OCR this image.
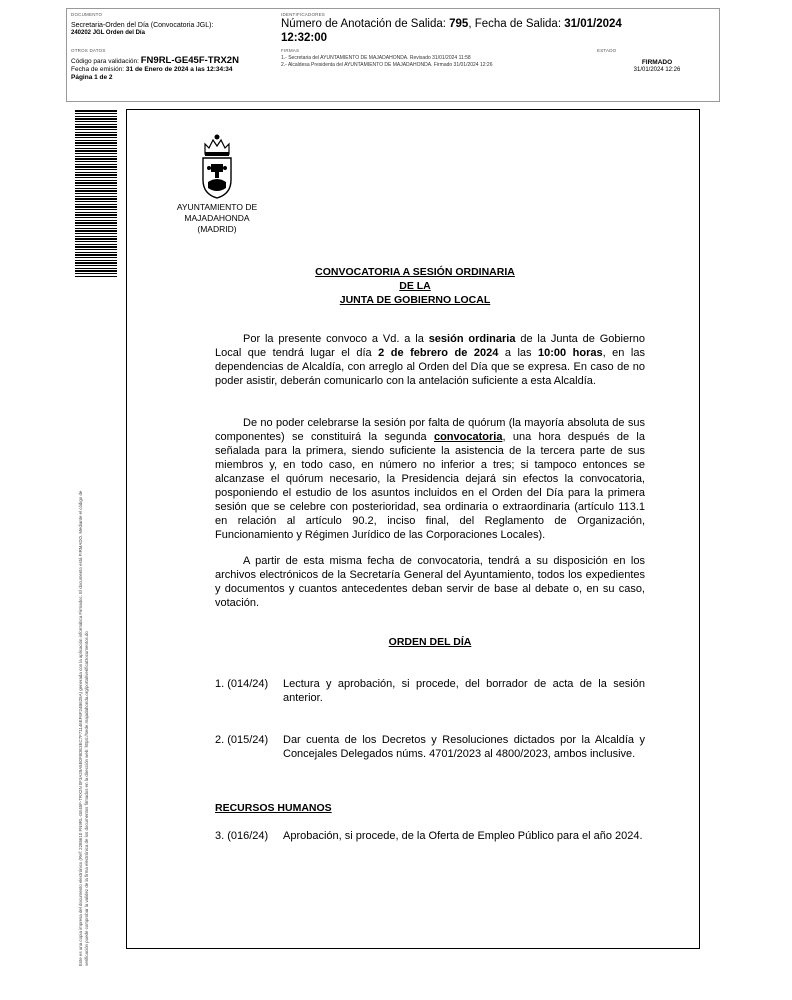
DOCUMENTO
Secretaria-Orden del Día (Convocatoria JGL):
240202 JGL Orden del Día
IDENTIFICADORES
Número de Anotación de Salida: 795, Fecha de Salida: 31/01/2024
12:32:00
OTROS DATOS
Código para validación: FN9RL-GE45F-TRX2N
Fecha de emisión: 31 de Enero de 2024 a las 12:34:34
Página 1 de 2
FIRMAS
1.- Secretaria del AYUNTAMIENTO DE MAJADAHONDA. Revisado 31/01/2024 11:58
2.- Alcaldesa Presidenta del AYUNTAMIENTO DE MAJADAHONDA. Firmado 31/01/2024 12:26
ESTADO
FIRMADO
31/01/2024 12:26
Este es una copia impresa del documento electrónico (Ref: 2285610 FN9RL-GE45F-TRX2N 0F3A29A5E0F8DE3EC7F71146EF6F24B625A) generada con la aplicación informática Firmadoc. El documento está FIRMADO. Mediante el código de verificación puede comprobar la validez de la firma electrónica de los documentos firmados en la dirección web: https://sede.majadahonda.org/portal/verificaDocumentos.do
AYUNTAMIENTO DE
MAJADAHONDA
(MADRID)
CONVOCATORIA A SESIÓN ORDINARIA
DE LA
JUNTA DE GOBIERNO LOCAL

Por la presente convoco a Vd. a la sesión ordinaria de la Junta de Gobierno Local que tendrá lugar el día 2 de febrero de 2024 a las 10:00 horas, en las dependencias de Alcaldía, con arreglo al Orden del Día que se expresa. En caso de no poder asistir, deberán comunicarlo con la antelación suficiente a esta Alcaldía.

De no poder celebrarse la sesión por falta de quórum (la mayoría absoluta de sus componentes) se constituirá la segunda convocatoria, una hora después de la señalada para la primera, siendo suficiente la asistencia de la tercera parte de sus miembros y, en todo caso, en número no inferior a tres; si tampoco entonces se alcanzase el quórum necesario, la Presidencia dejará sin efectos la convocatoria, posponiendo el estudio de los asuntos incluidos en el Orden del Día para la primera sesión que se celebre con posterioridad, sea ordinaria o extraordinaria (artículo 113.1 en relación al artículo 90.2, inciso final, del Reglamento de Organización, Funcionamiento y Régimen Jurídico de las Corporaciones Locales).

A partir de esta misma fecha de convocatoria, tendrá a su disposición en los archivos electrónicos de la Secretaría General del Ayuntamiento, todos los expedientes y documentos y cuantos antecedentes deban servir de base al debate o, en su caso, votación.

ORDEN DEL DÍA
1. (014/24)	Lectura y aprobación, si procede, del borrador de acta de la sesión anterior.
2. (015/24)	Dar cuenta de los Decretos y Resoluciones dictados por la Alcaldía y Concejales Delegados núms. 4701/2023 al 4800/2023, ambos inclusive.
RECURSOS HUMANOS
3. (016/24)	Aprobación, si procede, de la Oferta de Empleo Público para el año 2024.
